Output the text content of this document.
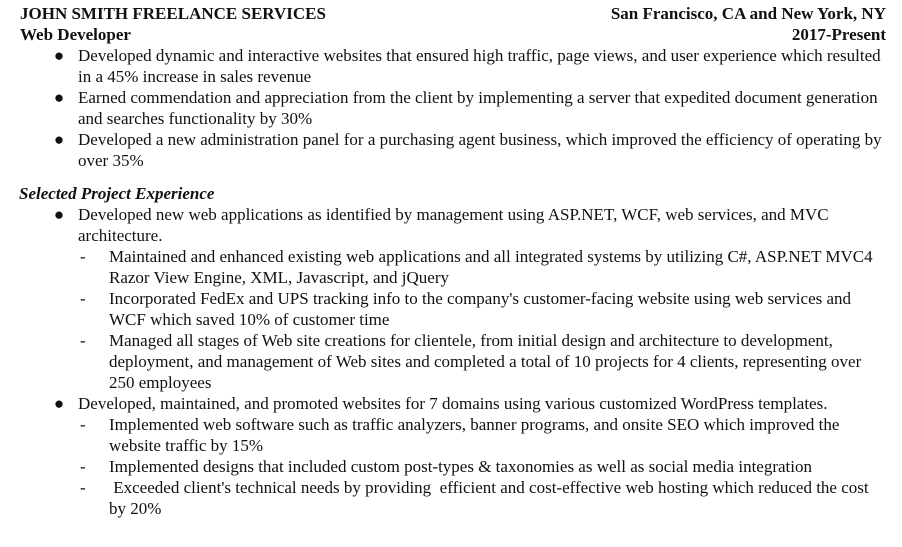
JOHN SMITH FREELANCE SERVICES	San Francisco, CA and New York, NY
Web Developer	2017-Present
● Developed dynamic and interactive websites that ensured high traffic, page views, and user experience which resulted in a 45% increase in sales revenue
● Earned commendation and appreciation from the client by implementing a server that expedited document generation and searches functionality by 30%
● Developed a new administration panel for a purchasing agent business, which improved the efficiency of operating by over 35%
Selected Project Experience
● Developed new web applications as identified by management using ASP.NET, WCF, web services, and MVC architecture.
- Maintained and enhanced existing web applications and all integrated systems by utilizing C#, ASP.NET MVC4 Razor View Engine, XML, Javascript, and jQuery
- Incorporated FedEx and UPS tracking info to the company's customer-facing website using web services and WCF which saved 10% of customer time
- Managed all stages of Web site creations for clientele, from initial design and architecture to development, deployment, and management of Web sites and completed a total of 10 projects for 4 clients, representing over 250 employees
● Developed, maintained, and promoted websites for 7 domains using various customized WordPress templates.
- Implemented web software such as traffic analyzers, banner programs, and onsite SEO which improved the website traffic by 15%
- Implemented designs that included custom post-types & taxonomies as well as social media integration
- Exceeded client's technical needs by providing  efficient and cost-effective web hosting which reduced the cost by 20%
